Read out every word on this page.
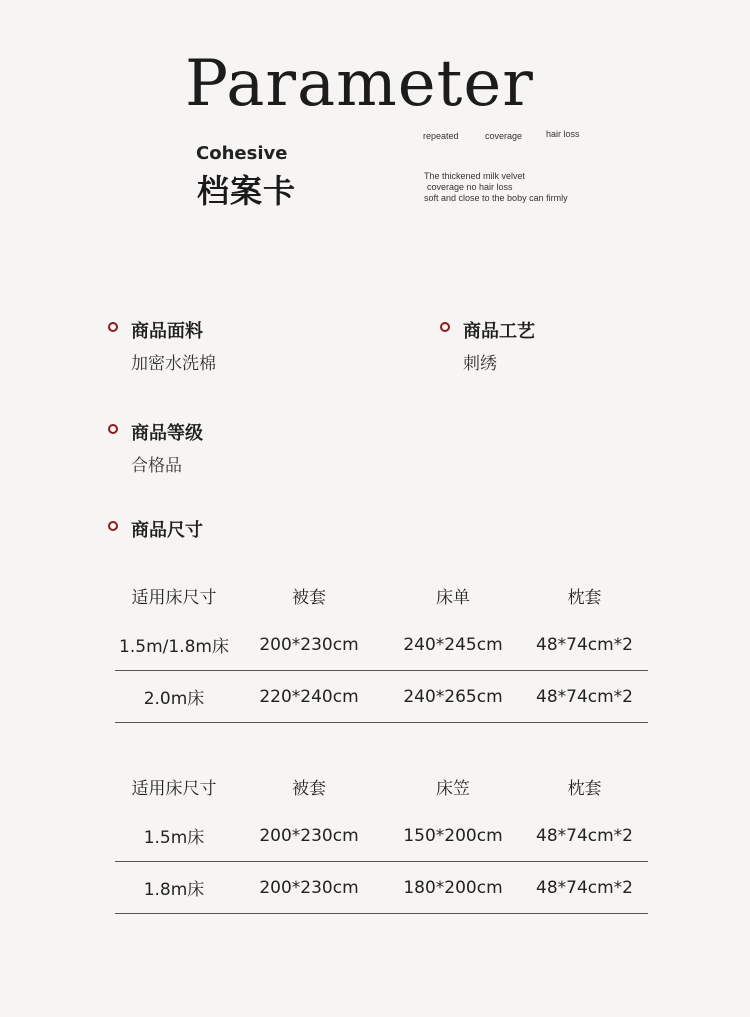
Parameter
Cohesive
档案卡
repeated	coverage	hair loss
The thickened milk velvet
coverage no hair loss
soft and close to the boby can firmly
商品面料
加密水洗棉
商品工艺
刺绣
商品等级
合格品
商品尺寸
适用床尺寸	被套	床单	枕套
1.5m/1.8m床	200*230cm	240*245cm	48*74cm*2
2.0m床	220*240cm	240*265cm	48*74cm*2
适用床尺寸	被套	床笠	枕套
1.5m床	200*230cm	150*200cm	48*74cm*2
1.8m床	200*230cm	180*200cm	48*74cm*2
